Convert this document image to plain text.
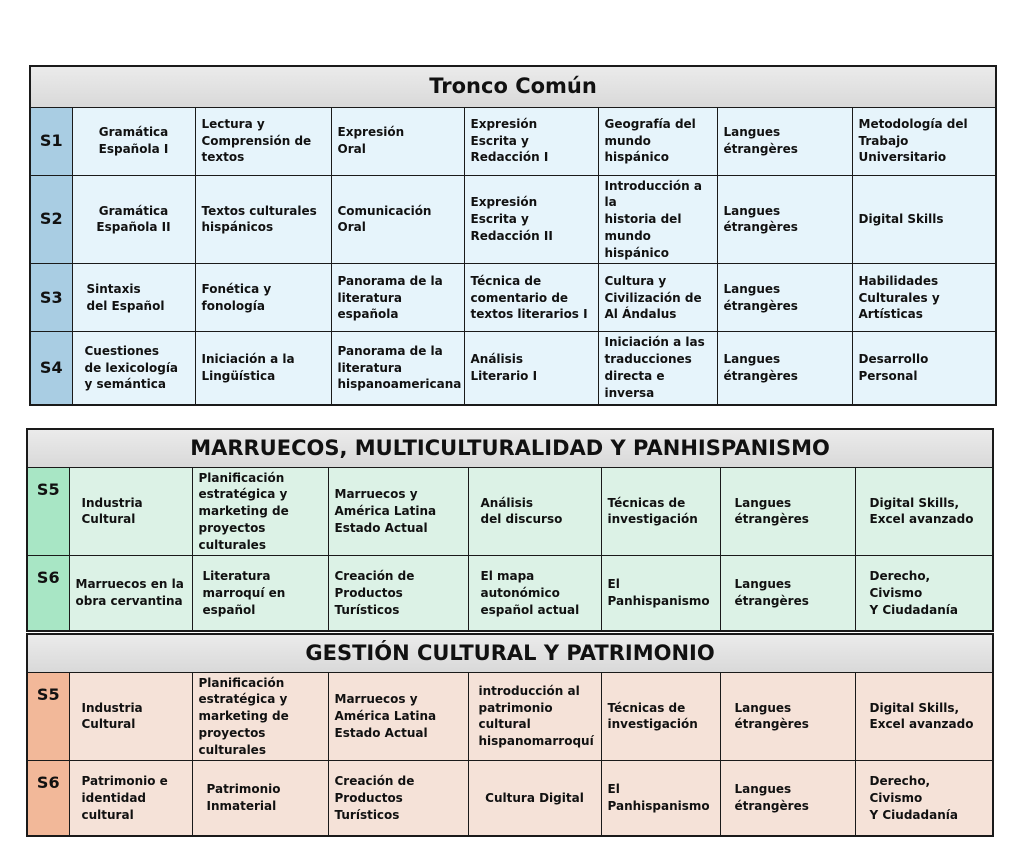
Tronco Común							
S1	Gramática
Española I	Lectura y
Comprensión de
textos	Expresión
Oral	Expresión
Escrita y
Redacción I	Geografía del
mundo
hispánico	Langues
étrangères	Metodología del
Trabajo
Universitario
S2	Gramática
Española II	Textos culturales
hispánicos	Comunicación
Oral	Expresión
Escrita y
Redacción II	Introducción a la
historia del
mundo hispánico	Langues
étrangères	Digital Skills
S3	Sintaxis
del Español	Fonética y
fonología	Panorama de la
literatura española	Técnica de
comentario de
textos literarios I	Cultura y
Civilización de
Al Ándalus	Langues
étrangères	Habilidades
Culturales y
Artísticas
S4	Cuestiones
de lexicología
y semántica	Iniciación a la
Lingüística	Panorama de la
literatura
hispanoamericana	Análisis
Literario I	Iniciación a las
traducciones
directa e inversa	Langues
étrangères	Desarrollo
Personal
MARRUECOS, MULTICULTURALIDAD Y PANHISPANISMO							
S5	Industria
Cultural	Planificación
estratégica y
marketing de
proyectos culturales	Marruecos y
América Latina
Estado Actual	Análisis
del discurso	Técnicas de
investigación	Langues
étrangères	Digital Skills,
Excel avanzado
S6	Marruecos en la
obra cervantina	Literatura
marroquí en
español	Creación de
Productos
Turísticos	El mapa
autonómico
español actual	El
Panhispanismo	Langues
étrangères	Derecho, Civismo
Y Ciudadanía
GESTIÓN CULTURAL Y PATRIMONIO							
S5	Industria
Cultural	Planificación
estratégica y
marketing de
proyectos culturales	Marruecos y
América Latina
Estado Actual	introducción al
patrimonio
cultural
hispanomarroquí	Técnicas de
investigación	Langues
étrangères	Digital Skills,
Excel avanzado
S6	Patrimonio e
identidad
cultural	Patrimonio
Inmaterial	Creación de
Productos
Turísticos	Cultura Digital	El
Panhispanismo	Langues
étrangères	Derecho, Civismo
Y Ciudadanía
